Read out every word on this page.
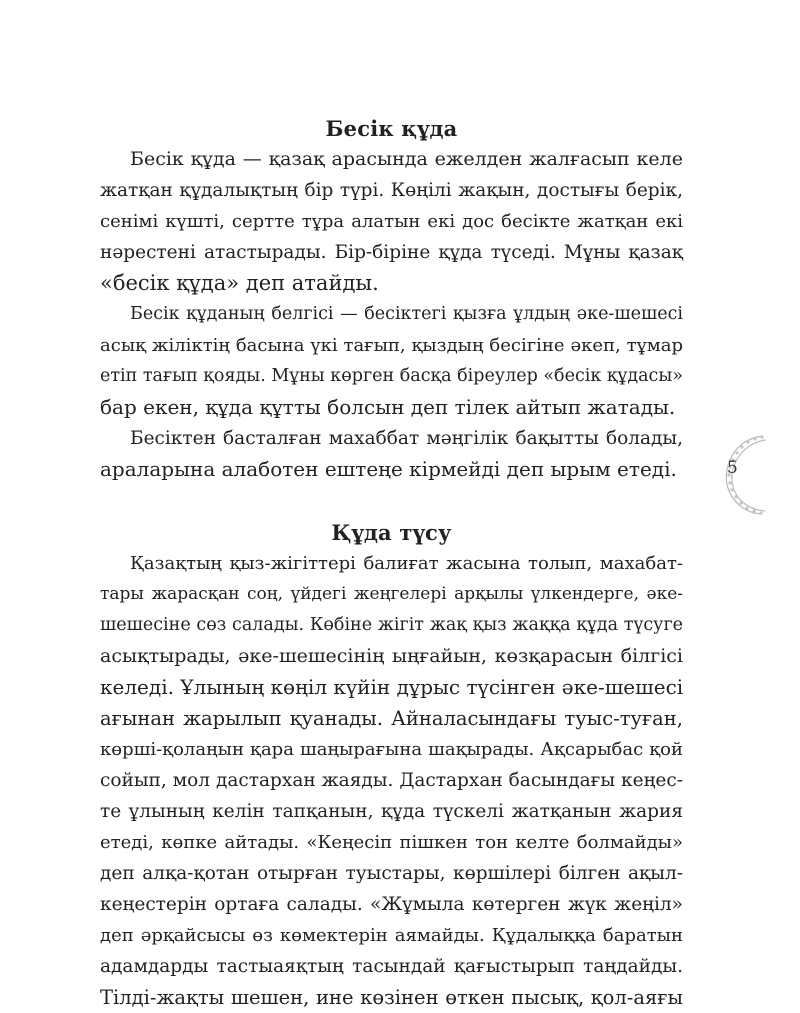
Бесік құда

Бесік құда — қазақ арасында ежелден жалғасып келе
жатқан құдалықтың бір түрі. Көңілі жақын, достығы берік,
сенімі күшті, сертте тұра алатын екі дос бесікте жатқан екі
нәрестені атастырады. Бір-біріне құда түседі. Мұны қазақ
«бесік құда» деп атайды.

Бесік құданың белгісі — бесіктегі қызға ұлдың әке-шешесі
асық жіліктің басына үкі тағып, қыздың бесігіне әкеп, тұмар
етіп тағып қояды. Мұны көрген басқа біреулер «бесік құдасы»
бар екен, құда құтты болсын деп тілек айтып жатады.

Бесіктен басталған махаббат мәңгілік бақытты болады,
араларына алаботен ештеңе кірмейді деп ырым етеді.

Құда түсу

Қазақтың қыз-жігіттері балиғат жасына толып, махабат-
тары жарасқан соң, үйдегі жеңгелері арқылы үлкендерге, әке-
шешесіне сөз салады. Көбіне жігіт жақ қыз жаққа құда түсуге
асықтырады, әке-шешесінің ыңғайын, көзқарасын білгісі
келеді. Ұлының көңіл күйін дұрыс түсінген әке-шешесі
ағынан жарылып қуанады. Айналасындағы туыс-туған,
көрші-қолаңын қара шаңырағына шақырады. Ақсарыбас қой
сойып, мол дастархан жаяды. Дастархан басындағы кеңес-
те ұлының келін тапқанын, құда түскелі жатқанын жария
етеді, көпке айтады. «Кеңесіп пішкен тон келте болмайды»
деп алқа-қотан отырған туыстары, көршілері білген ақыл-
кеңестерін ортаға салады. «Жұмыла көтерген жүк жеңіл»
деп әрқайсысы өз көмектерін аямайды. Құдалыққа баратын
адамдарды тастыаяқтың тасындай қағыстырып таңдайды.
Тілді-жақты шешен, ине көзінен өткен пысық, қол-аяғы

5
